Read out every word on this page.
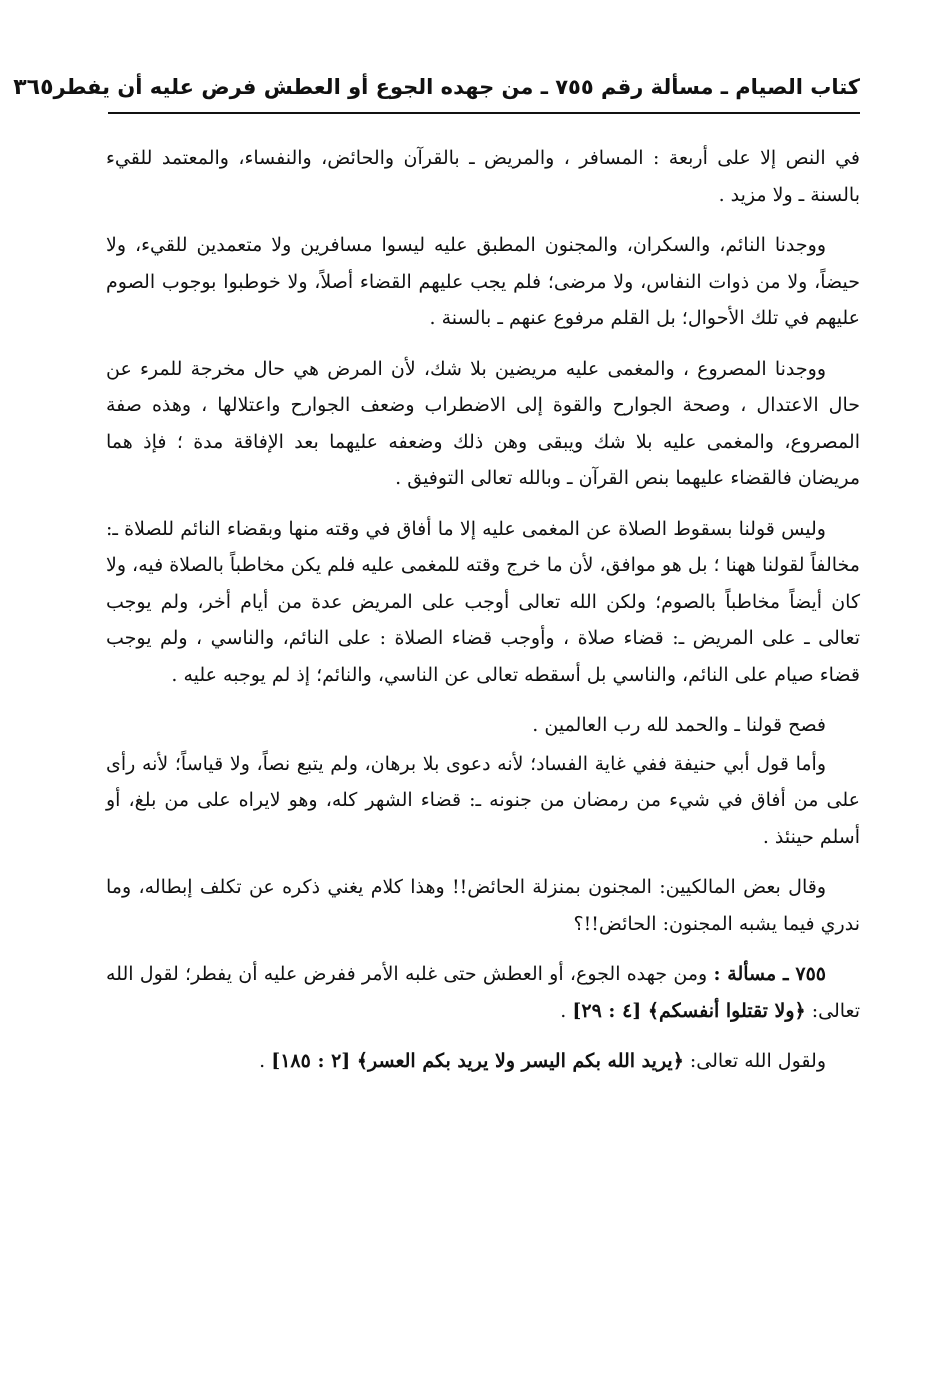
كتاب الصيام ـ مسألة رقم ٧٥٥ ـ من جهده الجوع أو العطش فرض عليه أن يفطر
٣٦٥

في النص إلا على أربعة : المسافر ، والمريض ـ بالقرآن والحائض، والنفساء، والمعتمد للقيء بالسنة ـ ولا مزيد .

ووجدنا النائم، والسكران، والمجنون المطبق عليه ليسوا مسافرين ولا متعمدين للقيء، ولا حيضاً، ولا من ذوات النفاس، ولا مرضى؛ فلم يجب عليهم القضاء أصلاً، ولا خوطبوا بوجوب الصوم عليهم في تلك الأحوال؛ بل القلم مرفوع عنهم ـ بالسنة .

ووجدنا المصروع ، والمغمى عليه مريضين بلا شك، لأن المرض هي حال مخرجة للمرء عن حال الاعتدال ، وصحة الجوارح والقوة إلى الاضطراب وضعف الجوارح واعتلالها ، وهذه صفة المصروع، والمغمى عليه بلا شك ويبقى وهن ذلك وضعفه عليهما بعد الإفاقة مدة ؛ فإذ هما مريضان فالقضاء عليهما بنص القرآن ـ وبالله تعالى التوفيق .

وليس قولنا بسقوط الصلاة عن المغمى عليه إلا ما أفاق في وقته منها وبقضاء النائم للصلاة ـ: مخالفاً لقولنا ههنا ؛ بل هو موافق، لأن ما خرج وقته للمغمى عليه فلم يكن مخاطباً بالصلاة فيه، ولا كان أيضاً مخاطباً بالصوم؛ ولكن الله تعالى أوجب على المريض عدة من أيام أخر، ولم يوجب تعالى ـ على المريض ـ: قضاء صلاة ، وأوجب قضاء الصلاة : على النائم، والناسي ، ولم يوجب قضاء صيام على النائم، والناسي بل أسقطه تعالى عن الناسي، والنائم؛ إذ لم يوجبه عليه .

فصح قولنا ـ والحمد لله رب العالمين .

وأما قول أبي حنيفة ففي غاية الفساد؛ لأنه دعوى بلا برهان، ولم يتبع نصاً، ولا قياساً؛ لأنه رأى على من أفاق في شيء من رمضان من جنونه ـ: قضاء الشهر كله، وهو لايراه على من بلغ، أو أسلم حينئذ .

وقال بعض المالكيين: المجنون بمنزلة الحائض!! وهذا كلام يغني ذكره عن تكلف إبطاله، وما ندري فيما يشبه المجنون: الحائض!!؟

٧٥٥ ـ مسألة : ومن جهده الجوع، أو العطش حتى غلبه الأمر ففرض عليه أن يفطر؛ لقول الله تعالى: ﴿ولا تقتلوا أنفسكم﴾ [٤ : ٢٩] .

ولقول الله تعالى: ﴿يريد الله بكم اليسر ولا يريد بكم العسر﴾ [٢ : ١٨٥] .
